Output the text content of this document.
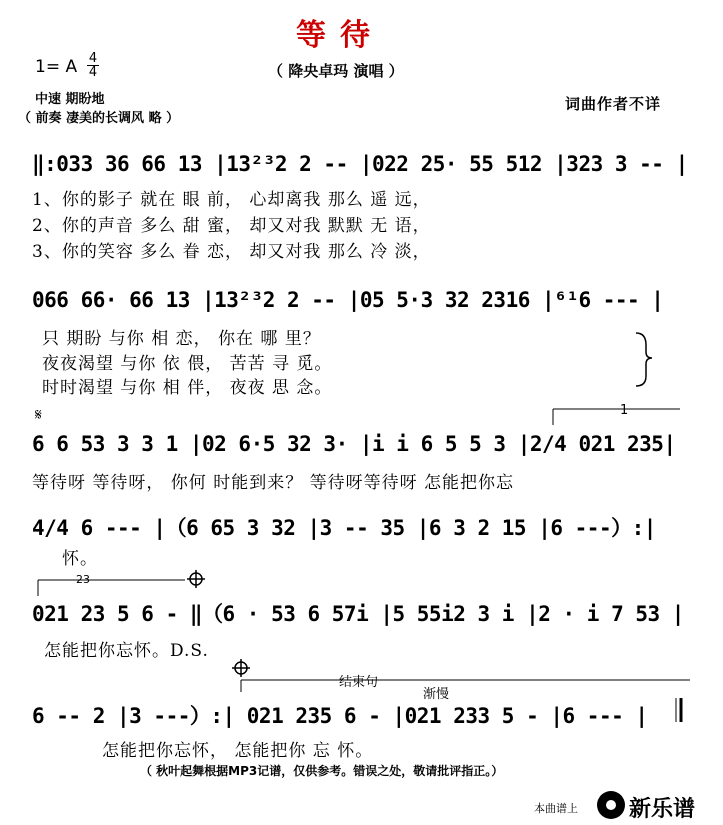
等待
1= A 4
4	（ 降央卓玛 演唱 ）
中速 期盼地
（ 前奏 凄美的长调风 略 ）
词曲作者不详
‖:033 36 66 13 |13²³2 2 -- |022 25· 55 512 |323 3 -- |
1、你的影子 就在 眼 前， 心却离我 那么 遥 远，
2、你的声音 多么 甜 蜜， 却又对我 默默 无 语，
3、你的笑容 多么 眷 恋， 却又对我 那么 冷 淡，
066 66· 66 13 |13²³2 2 -- |05 5·3 32 2316 |⁶¹6 --- |
只 期盼 与你 相 恋， 你在 哪 里？
夜夜渴望 与你 依 偎， 苦苦 寻 觅。
时时渴望 与你 相 伴， 夜夜 思 念。
𝄋
6 6 53 3 3 1 |02 6·5 32 3· |i i 6 5 5 3 |2/4 021 235|
等待呀 等待呀， 你何 时能到来？ 等待呀等待呀 怎能把你忘
4/4 6 --- |（6 65 3 32 |3 -- 35 |6 3 2 15 |6 ---）:|
怀。
021 23 5 6 - ‖（6 · 53 6 57i |5 55i2 3 i |2 · i 7 53 |
怎能把你忘怀。D.S.
6 -- 2 |3 ---）:| 021 235 6 - |021 233 5 - |6 --- |
怎能把你忘怀， 怎能把你 忘 怀。
1
23
结束句
渐慢
（ 秋叶起舞根据MP3记谱，仅供参考。错误之处，敬请批评指正。）
本曲谱上 新乐谱
